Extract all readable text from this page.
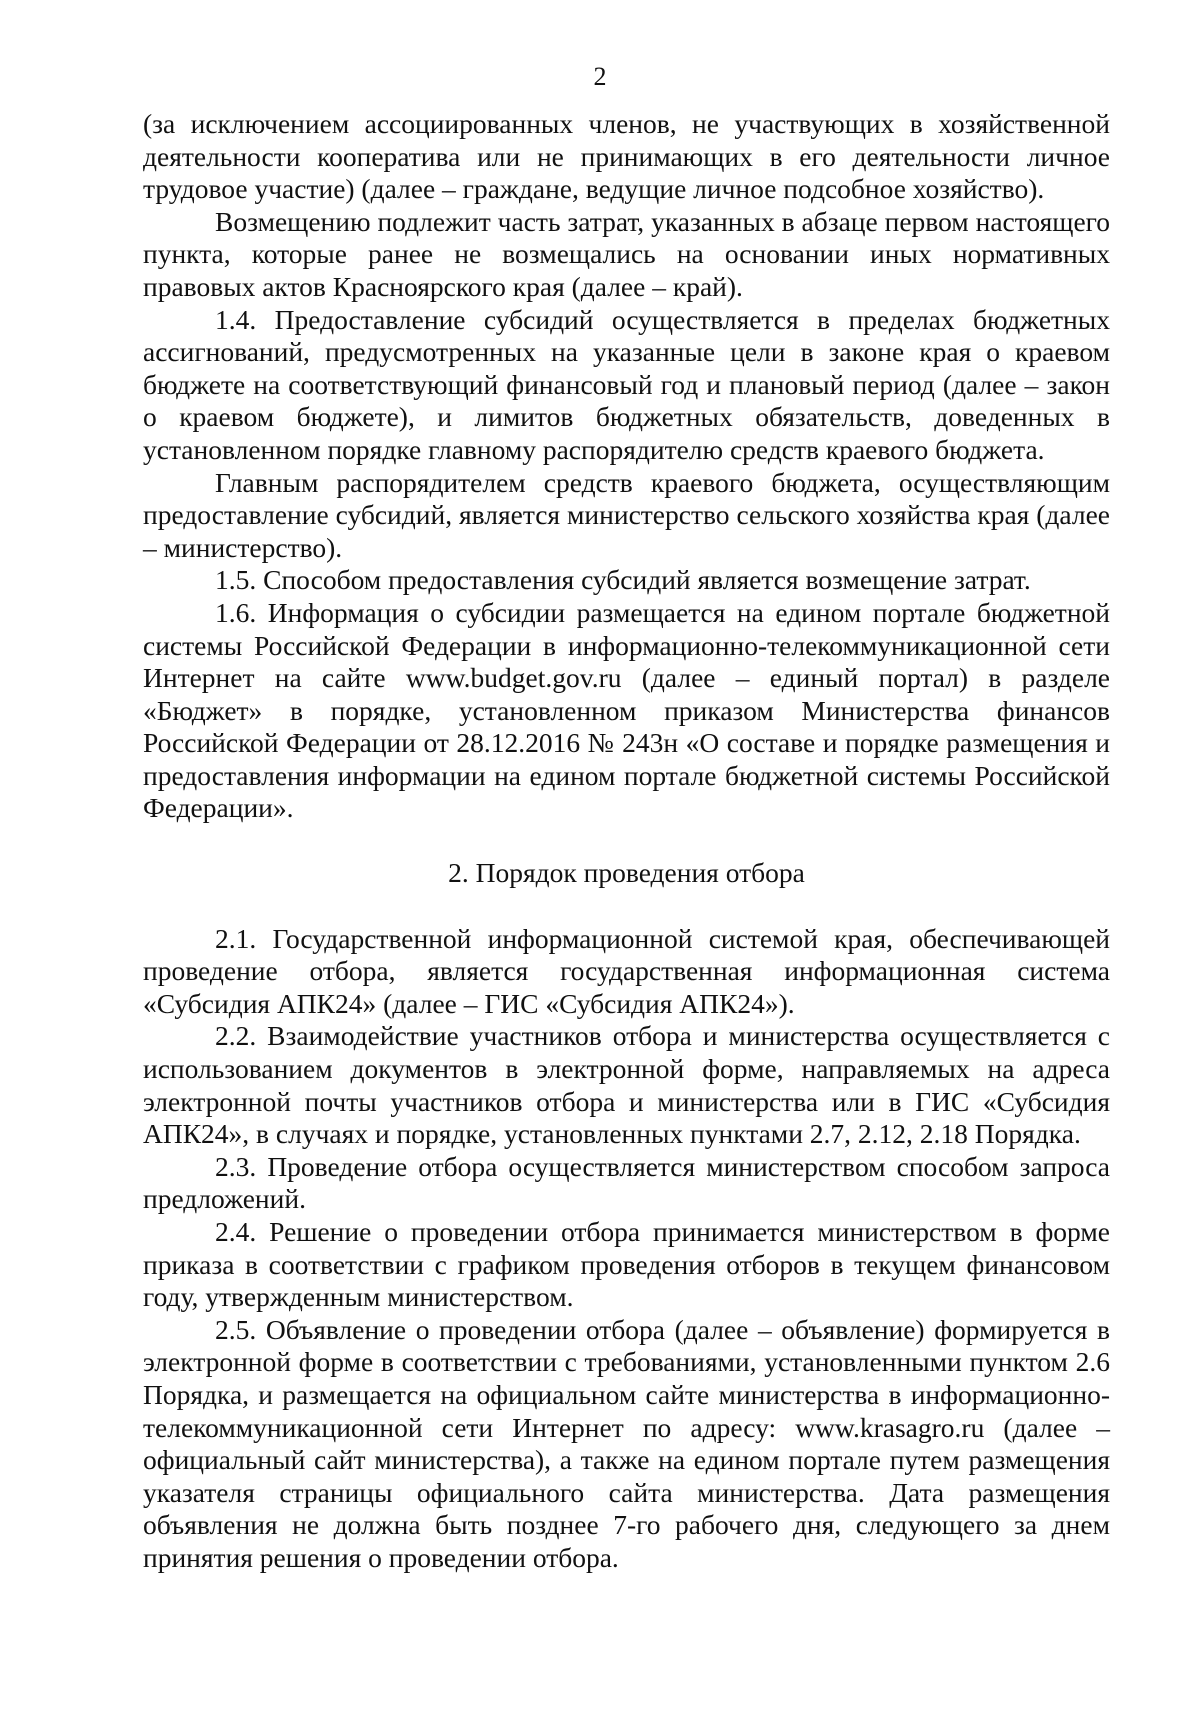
2

(за исключением ассоциированных членов, не участвующих в хозяйственной деятельности кооператива или не принимающих в его деятельности личное трудовое участие) (далее – граждане, ведущие личное подсобное хозяйство).

Возмещению подлежит часть затрат, указанных в абзаце первом настоящего пункта, которые ранее не возмещались на основании иных нормативных правовых актов Красноярского края (далее – край).

1.4. Предоставление субсидий осуществляется в пределах бюджетных ассигнований, предусмотренных на указанные цели в законе края о краевом бюджете на соответствующий финансовый год и плановый период (далее – закон о краевом бюджете), и лимитов бюджетных обязательств, доведенных в установленном порядке главному распорядителю средств краевого бюджета.

Главным распорядителем средств краевого бюджета, осуществляющим предоставление субсидий, является министерство сельского хозяйства края (далее – министерство).

1.5. Способом предоставления субсидий является возмещение затрат.

1.6. Информация о субсидии размещается на едином портале бюджетной системы Российской Федерации в информационно-телекоммуникационной сети Интернет на сайте www.budget.gov.ru (далее – единый портал) в разделе «Бюджет» в порядке, установленном приказом Министерства финансов Российской Федерации от 28.12.2016 № 243н «О составе и порядке размещения и предоставления информации на едином портале бюджетной системы Российской Федерации».

2. Порядок проведения отбора

2.1. Государственной информационной системой края, обеспечивающей проведение отбора, является государственная информационная система «Субсидия АПК24» (далее – ГИС «Субсидия АПК24»).

2.2. Взаимодействие участников отбора и министерства осуществляется с использованием документов в электронной форме, направляемых на адреса электронной почты участников отбора и министерства или в ГИС «Субсидия АПК24», в случаях и порядке, установленных пунктами 2.7, 2.12, 2.18 Порядка.

2.3. Проведение отбора осуществляется министерством способом запроса предложений.

2.4. Решение о проведении отбора принимается министерством в форме приказа в соответствии с графиком проведения отборов в текущем финансовом году, утвержденным министерством.

2.5. Объявление о проведении отбора (далее – объявление) формируется в электронной форме в соответствии с требованиями, установленными пунктом 2.6 Порядка, и размещается на официальном сайте министерства в информационно-телекоммуникационной сети Интернет по адресу: www.krasagro.ru (далее – официальный сайт министерства), а также на едином портале путем размещения указателя страницы официального сайта министерства. Дата размещения объявления не должна быть позднее 7-го рабочего дня, следующего за днем принятия решения о проведении отбора.
